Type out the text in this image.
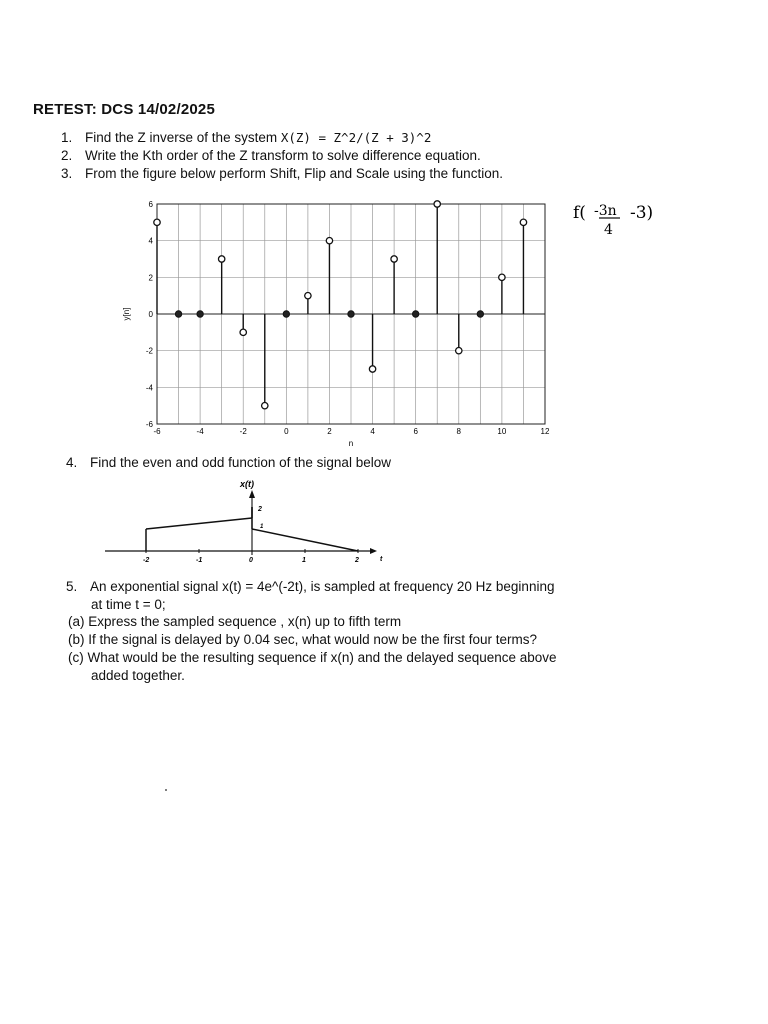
RETEST: DCS 14/02/2025
1. Find the Z inverse of the system X(Z) = Z^2/(Z + 3)^2
2. Write the Kth order of the Z transform to solve difference equation.
3. From the figure below perform Shift, Flip and Scale using the function.
f( -3n
4
-3)
-6	-4	-2	0	2	4	6	8	10	12
6
4
2
0
-2
-4
-6
n
y[n]
4. Find the even and odd function of the signal below
-2	-1	0	1	2
x(t)
2
1
t
5. An exponential signal x(t) = 4e^(-2t), is sampled at frequency 20 Hz beginning
at time t = 0;
(a) Express the sampled sequence , x(n) up to fifth term
(b) If the signal is delayed by 0.04 sec, what would now be the first four terms?
(c) What would be the resulting sequence if x(n) and the delayed sequence above
added together.
